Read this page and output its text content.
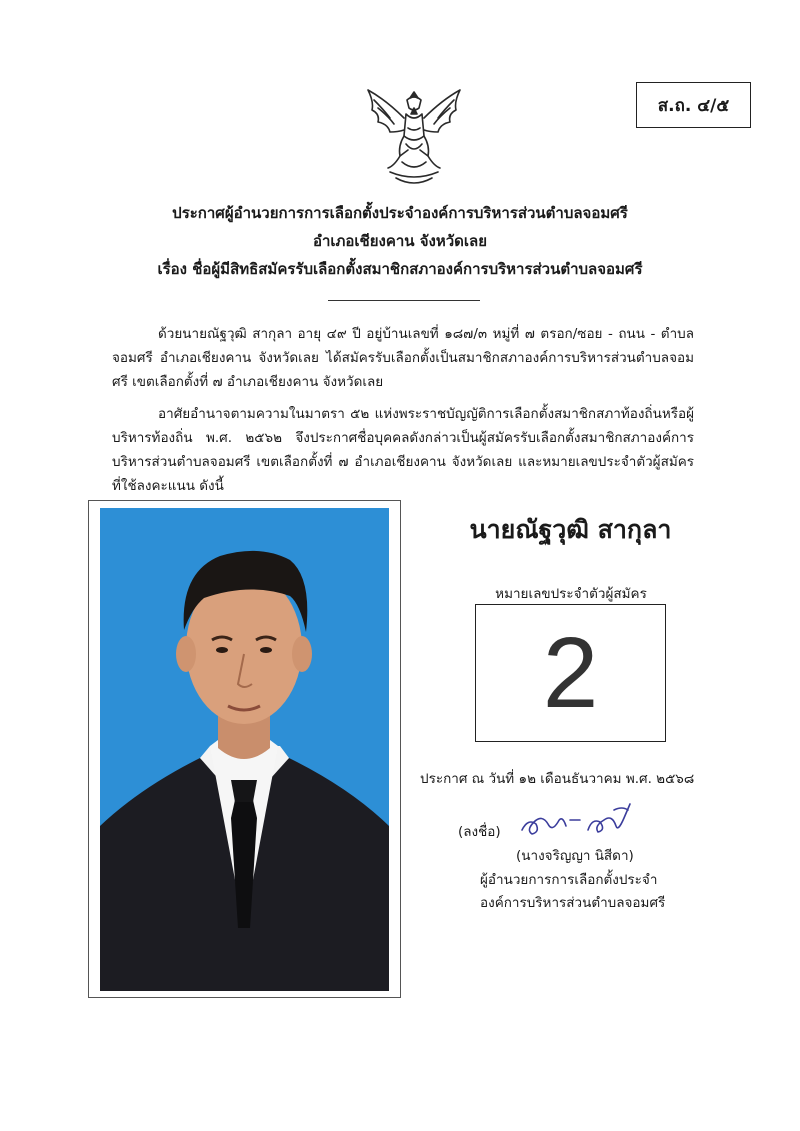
ส.ถ. ๔/๕
ประกาศผู้อำนวยการการเลือกตั้งประจำองค์การบริหารส่วนตำบลจอมศรี
อำเภอเชียงคาน จังหวัดเลย
เรื่อง ชื่อผู้มีสิทธิสมัครรับเลือกตั้งสมาชิกสภาองค์การบริหารส่วนตำบลจอมศรี

ด้วยนายณัฐวุฒิ สากุลา อายุ ๔๙ ปี อยู่บ้านเลขที่ ๑๘๗/๓ หมู่ที่ ๗ ตรอก/ซอย - ถนน - ตำบลจอมศรี อำเภอเชียงคาน จังหวัดเลย ได้สมัครรับเลือกตั้งเป็นสมาชิกสภาองค์การบริหารส่วนตำบลจอมศรี เขตเลือกตั้งที่ ๗ อำเภอเชียงคาน จังหวัดเลย

อาศัยอำนาจตามความในมาตรา ๕๒ แห่งพระราชบัญญัติการเลือกตั้งสมาชิกสภาท้องถิ่นหรือผู้บริหารท้องถิ่น พ.ศ. ๒๕๖๒ จึงประกาศชื่อบุคคลดังกล่าวเป็นผู้สมัครรับเลือกตั้งสมาชิกสภาองค์การบริหารส่วนตำบลจอมศรี เขตเลือกตั้งที่ ๗ อำเภอเชียงคาน จังหวัดเลย และหมายเลขประจำตัวผู้สมัครที่ใช้ลงคะแนน ดังนี้

นายณัฐวุฒิ สากุลา
หมายเลขประจำตัวผู้สมัคร
2
ประกาศ ณ วันที่ ๑๒ เดือนธันวาคม พ.ศ. ๒๕๖๘
(ลงชื่อ)
(นางจริญญา นิสีดา)
ผู้อำนวยการการเลือกตั้งประจำ
องค์การบริหารส่วนตำบลจอมศรี
